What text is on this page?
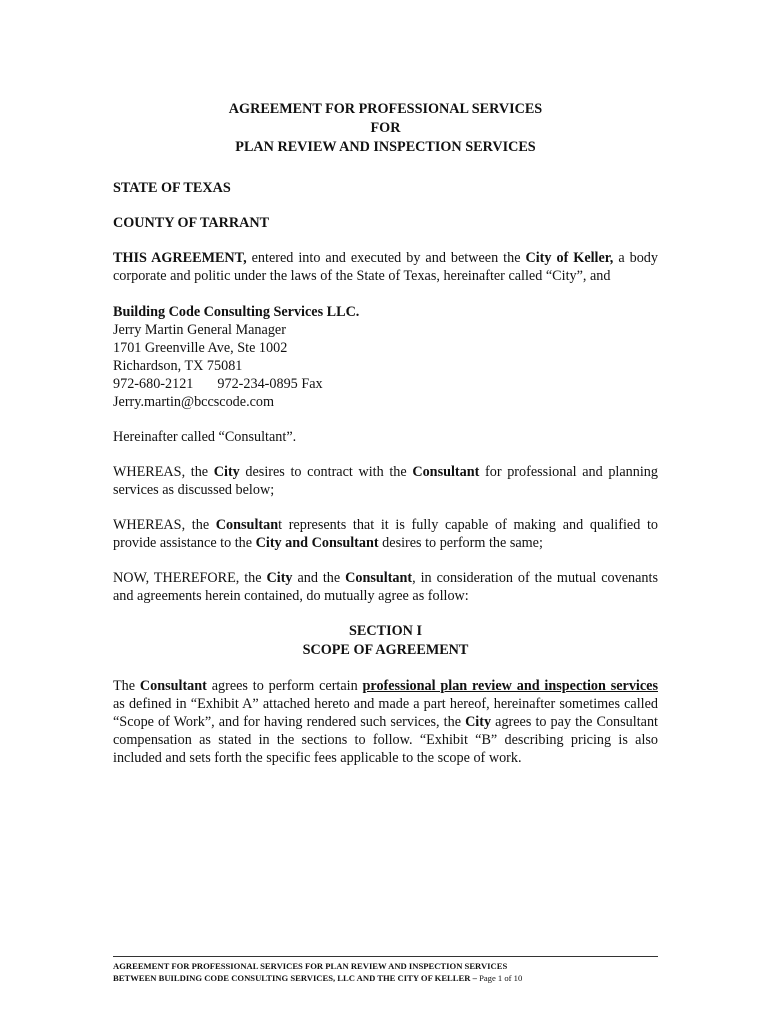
AGREEMENT FOR PROFESSIONAL SERVICES

FOR

PLAN REVIEW AND INSPECTION SERVICES

STATE OF TEXAS

COUNTY OF TARRANT

THIS AGREEMENT, entered into and executed by and between the City of Keller, a body corporate and politic under the laws of the State of Texas, hereinafter called “City”, and

Building Code Consulting Services LLC.

Jerry Martin General Manager

1701 Greenville Ave, Ste 1002

Richardson, TX 75081

972-680-2121 972-234-0895 Fax

Jerry.martin@bccscode.com

Hereinafter called “Consultant”.

WHEREAS, the City desires to contract with the Consultant for professional and planning services as discussed below;

WHEREAS, the Consultant represents that it is fully capable of making and qualified to provide assistance to the City and Consultant desires to perform the same;

NOW, THEREFORE, the City and the Consultant, in consideration of the mutual covenants and agreements herein contained, do mutually agree as follow:

SECTION I

SCOPE OF AGREEMENT

The Consultant agrees to perform certain professional plan review and inspection services as defined in “Exhibit A” attached hereto and made a part hereof, hereinafter sometimes called “Scope of Work”, and for having rendered such services, the City agrees to pay the Consultant compensation as stated in the sections to follow. “Exhibit “B” describing pricing is also included and sets forth the specific fees applicable to the scope of work.

AGREEMENT FOR PROFESSIONAL SERVICES FOR PLAN REVIEW AND INSPECTION SERVICES
BETWEEN BUILDING CODE CONSULTING SERVICES, LLC AND THE CITY OF KELLER – Page 1 of 10
